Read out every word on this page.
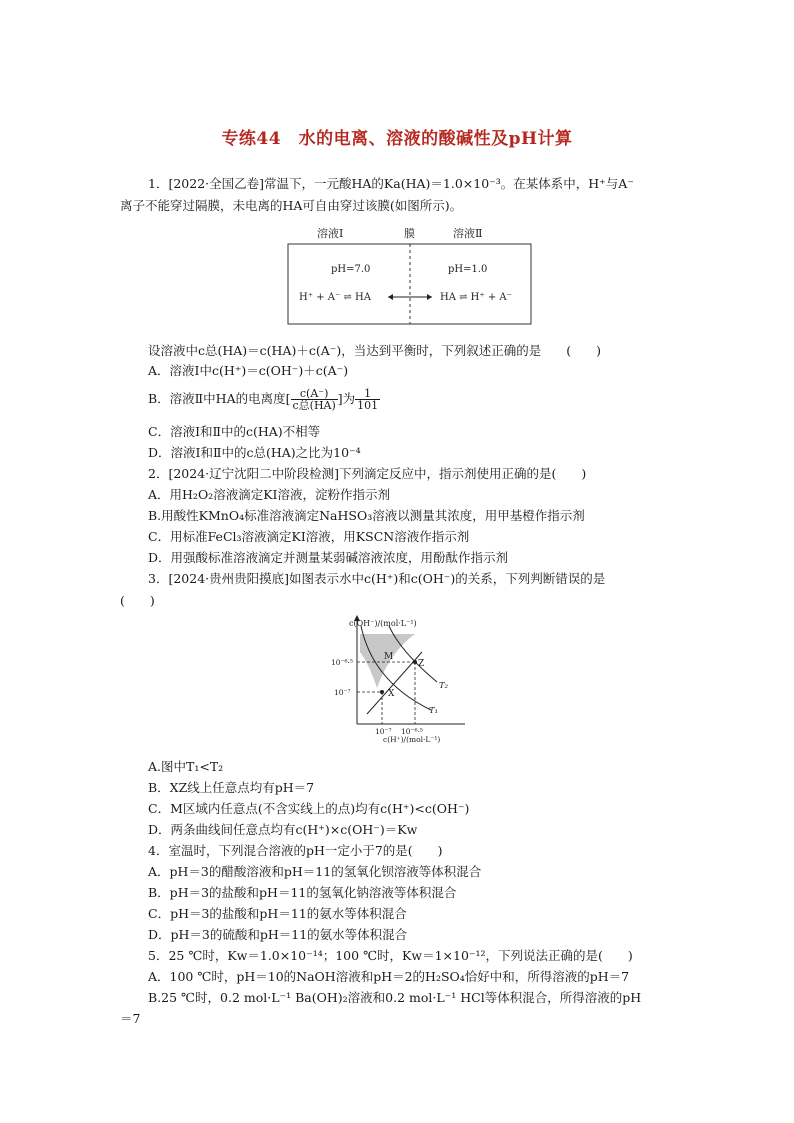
专练44　水的电离、溶液的酸碱性及pH计算
1．[2022·全国乙卷]常温下，一元酸HA的Ka(HA)＝1.0×10⁻³。在某体系中，H⁺与A⁻
离子不能穿过隔膜，未电离的HA可自由穿过该膜(如图所示)。
溶液Ⅰ	膜	溶液Ⅱ
pH=7.0	pH=1.0
H⁺ + A⁻ ⇌ HA	HA ⇌ H⁺ + A⁻
设溶液中c总(HA)＝c(HA)＋c(A⁻)，当达到平衡时，下列叙述正确的是　　(　　)
A．溶液Ⅰ中c(H⁺)＝c(OH⁻)＋c(A⁻)
B．溶液Ⅱ中HA的电离度[ $\frac{c(A^-)}{\text{c总(HA)}}$ ]为 $\frac{1}{101}$
C．溶液Ⅰ和Ⅱ中的c(HA)不相等
D．溶液Ⅰ和Ⅱ中的c总(HA)之比为10⁻⁴
2．[2024·辽宁沈阳二中阶段检测]下列滴定反应中，指示剂使用正确的是(　　)
A．用H₂O₂溶液滴定KI溶液，淀粉作指示剂
B.用酸性KMnO₄标准溶液滴定NaHSO₃溶液以测量其浓度，用甲基橙作指示剂
C．用标准FeCl₃溶液滴定KI溶液，用KSCN溶液作指示剂
D．用强酸标准溶液滴定并测量某弱碱溶液浓度，用酚酞作指示剂
3．[2024·贵州贵阳摸底]如图表示水中c(H⁺)和c(OH⁻)的关系，下列判断错误的是
(　　)
c(OH⁻)/(mol·L⁻¹)
c(H⁺)/(mol·L⁻¹)
10⁻⁶·⁵
10⁻⁷
10⁻⁷ 10⁻⁶·⁵
M
Z
X
T₂
T₁
A.图中T₁<T₂
B．XZ线上任意点均有pH＝7
C．M区域内任意点(不含实线上的点)均有c(H⁺)<c(OH⁻)
D．两条曲线间任意点均有c(H⁺)×c(OH⁻)＝Kw
4．室温时，下列混合溶液的pH一定小于7的是(　　)
A．pH＝3的醋酸溶液和pH＝11的氢氧化钡溶液等体积混合
B．pH＝3的盐酸和pH＝11的氢氧化钠溶液等体积混合
C．pH＝3的盐酸和pH＝11的氨水等体积混合
D．pH＝3的硫酸和pH＝11的氨水等体积混合
5．25 ℃时，Kw＝1.0×10⁻¹⁴；100 ℃时，Kw＝1×10⁻¹²，下列说法正确的是(　　)
A．100 ℃时，pH＝10的NaOH溶液和pH＝2的H₂SO₄恰好中和，所得溶液的pH＝7
B.25 ℃时，0.2 mol·L⁻¹ Ba(OH)₂溶液和0.2 mol·L⁻¹ HCl等体积混合，所得溶液的pH
＝7
